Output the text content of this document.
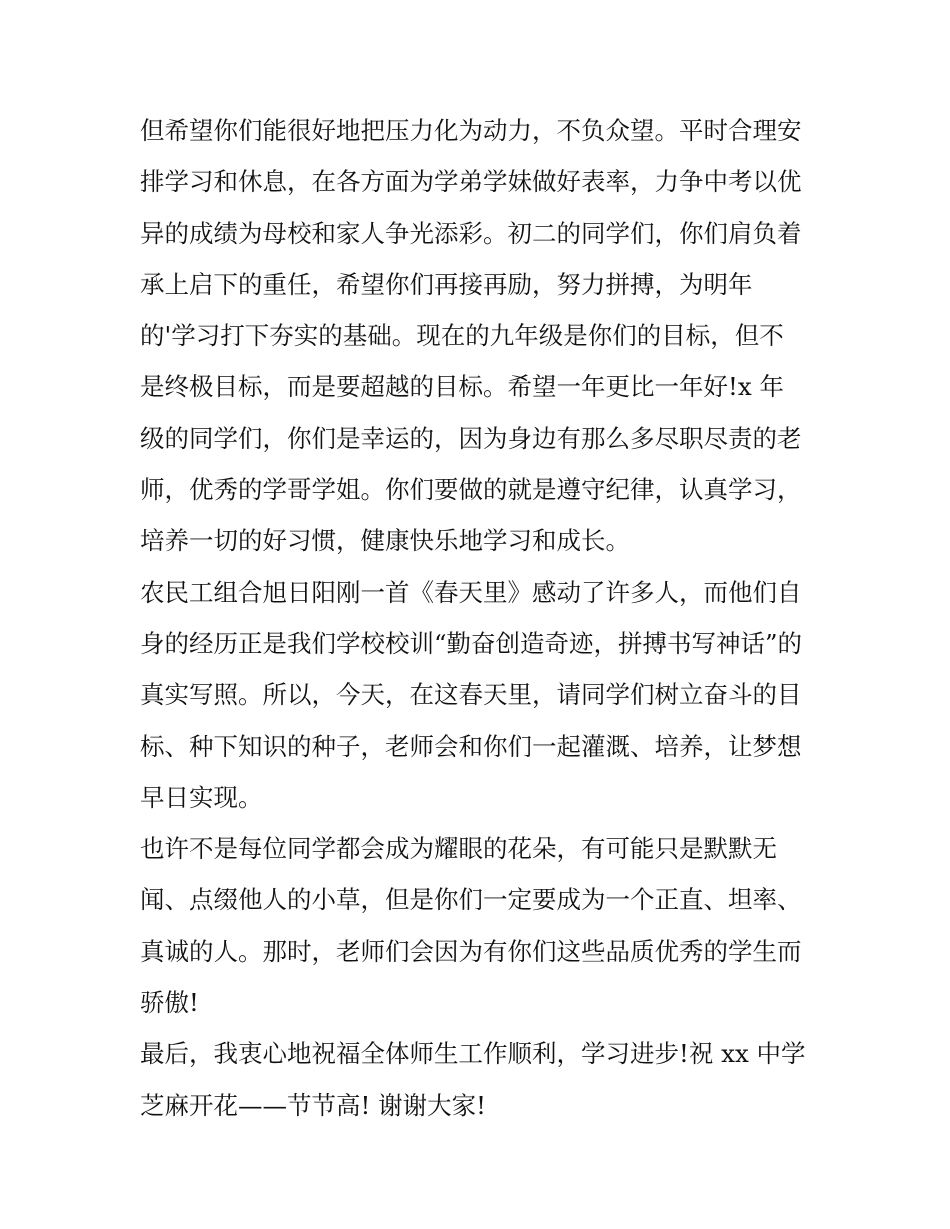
但希望你们能很好地把压力化为动力，不负众望。平时合理安
排学习和休息，在各方面为学弟学妹做好表率，力争中考以优
异的成绩为母校和家人争光添彩。初二的同学们，你们肩负着
承上启下的重任，希望你们再接再励，努力拼搏，为明年
的'学习打下夯实的基础。现在的九年级是你们的目标，但不
是终极目标，而是要超越的目标。希望一年更比一年好!x 年
级的同学们，你们是幸运的，因为身边有那么多尽职尽责的老
师，优秀的学哥学姐。你们要做的就是遵守纪律，认真学习，
培养一切的好习惯，健康快乐地学习和成长。
农民工组合旭日阳刚一首《春天里》感动了许多人，而他们自
身的经历正是我们学校校训“勤奋创造奇迹，拼搏书写神话”的
真实写照。所以，今天，在这春天里，请同学们树立奋斗的目
标、种下知识的种子，老师会和你们一起灌溉、培养，让梦想
早日实现。
也许不是每位同学都会成为耀眼的花朵，有可能只是默默无
闻、点缀他人的小草，但是你们一定要成为一个正直、坦率、
真诚的人。那时，老师们会因为有你们这些品质优秀的学生而
骄傲!
最后，我衷心地祝福全体师生工作顺利，学习进步!祝 xx 中学
芝麻开花——节节高! 谢谢大家!
